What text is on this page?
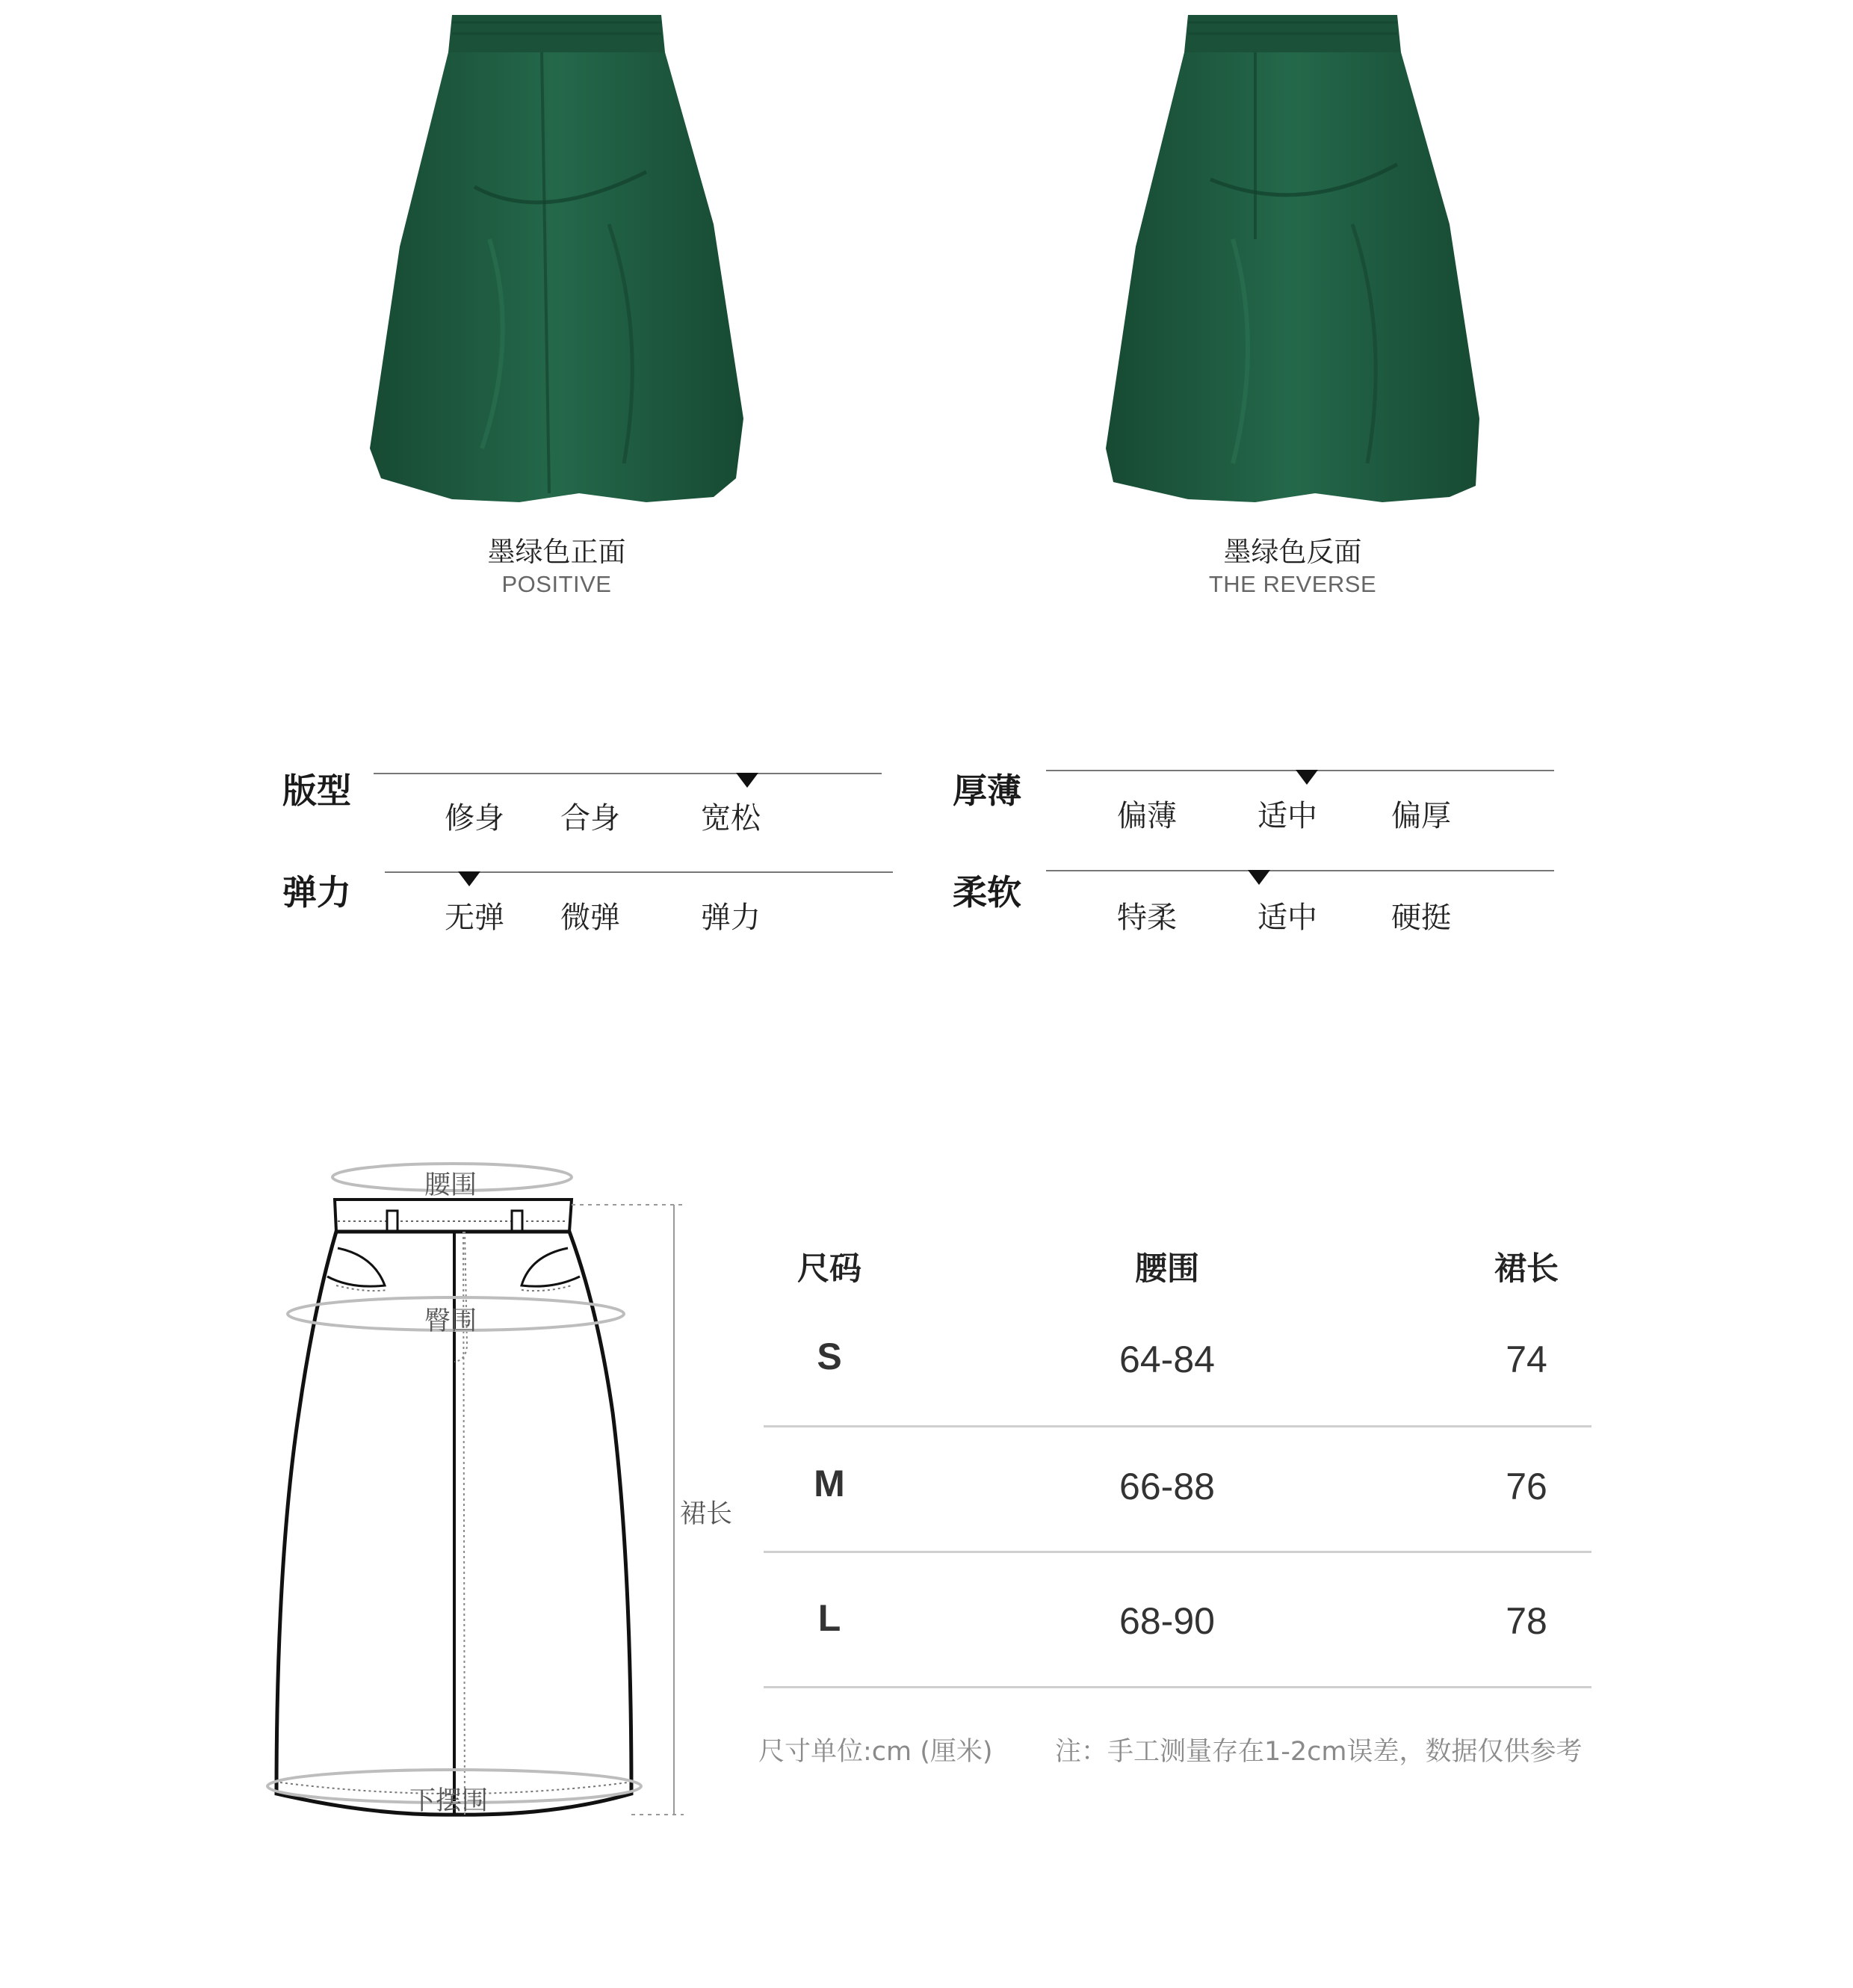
墨绿色正面
POSITIVE
墨绿色反面
THE REVERSE
版型
修身 合身	宽松
厚薄
偏薄	适中 偏厚
弹力
无弹 微弹	弹力
柔软
特柔	适中 硬挺
腰围
臀围
裙长
下摆围
尺码	腰围	裙长
S	64-84	74
M	66-88	76
L	68-90	78
尺寸单位:cm (厘米) 注：手工测量存在1-2cm误差，数据仅供参考
